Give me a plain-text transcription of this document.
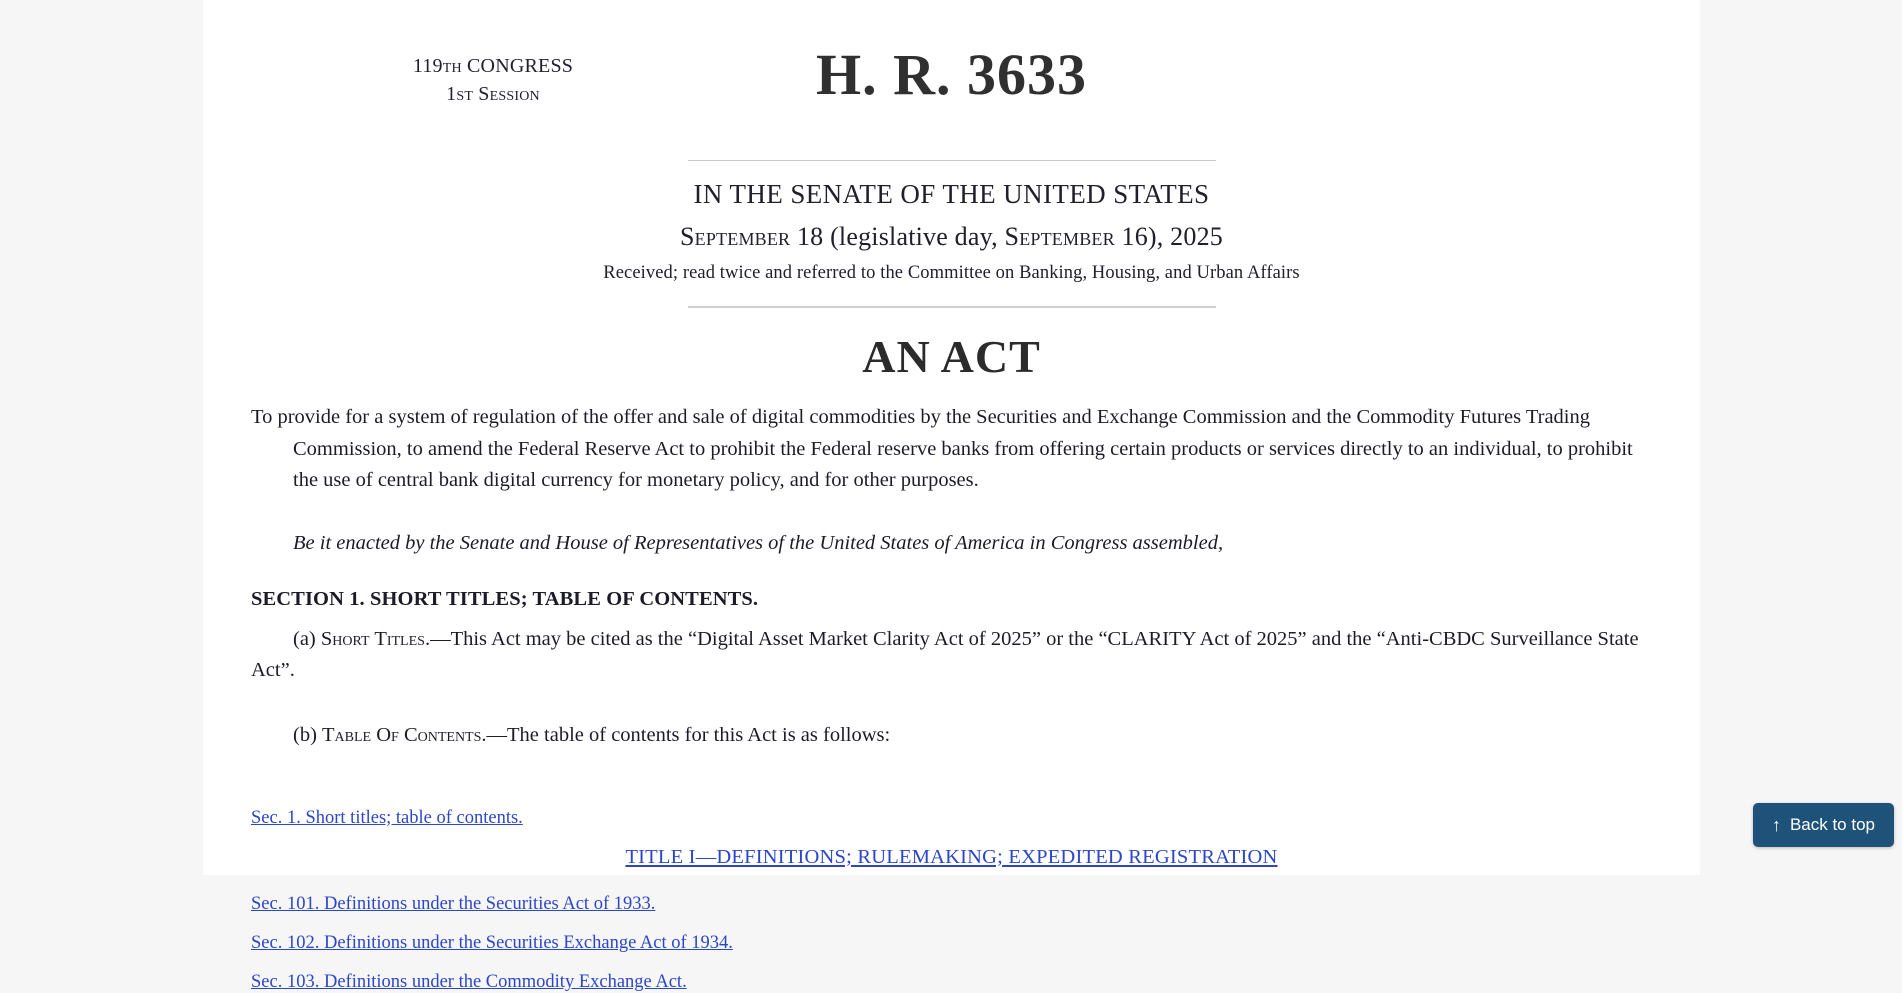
119th CONGRESS
1st Session	H. R. 3633
IN THE SENATE OF THE UNITED STATES
September 18 (legislative day, September 16), 2025
Received; read twice and referred to the Committee on Banking, Housing, and Urban Affairs
AN ACT
To provide for a system of regulation of the offer and sale of digital commodities by the Securities and Exchange Commission and the Commodity Futures Trading
Commission, to amend the Federal Reserve Act to prohibit the Federal reserve banks from offering certain products or services directly to an individual, to prohibit the use of central bank digital currency for monetary policy, and for other purposes.
Be it enacted by the Senate and House of Representatives of the United States of America in Congress assembled,
SECTION 1. SHORT TITLES; TABLE OF CONTENTS.
(a) Short Titles.—This Act may be cited as the “Digital Asset Market Clarity Act of 2025” or the “CLARITY Act of 2025” and the “Anti-CBDC Surveillance State Act”.
(b) Table Of Contents.—The table of contents for this Act is as follows:
Sec. 1. Short titles; table of contents.
TITLE I—DEFINITIONS; RULEMAKING; EXPEDITED REGISTRATION
Sec. 101. Definitions under the Securities Act of 1933.
Sec. 102. Definitions under the Securities Exchange Act of 1934.
Sec. 103. Definitions under the Commodity Exchange Act.
↑ Back to top
